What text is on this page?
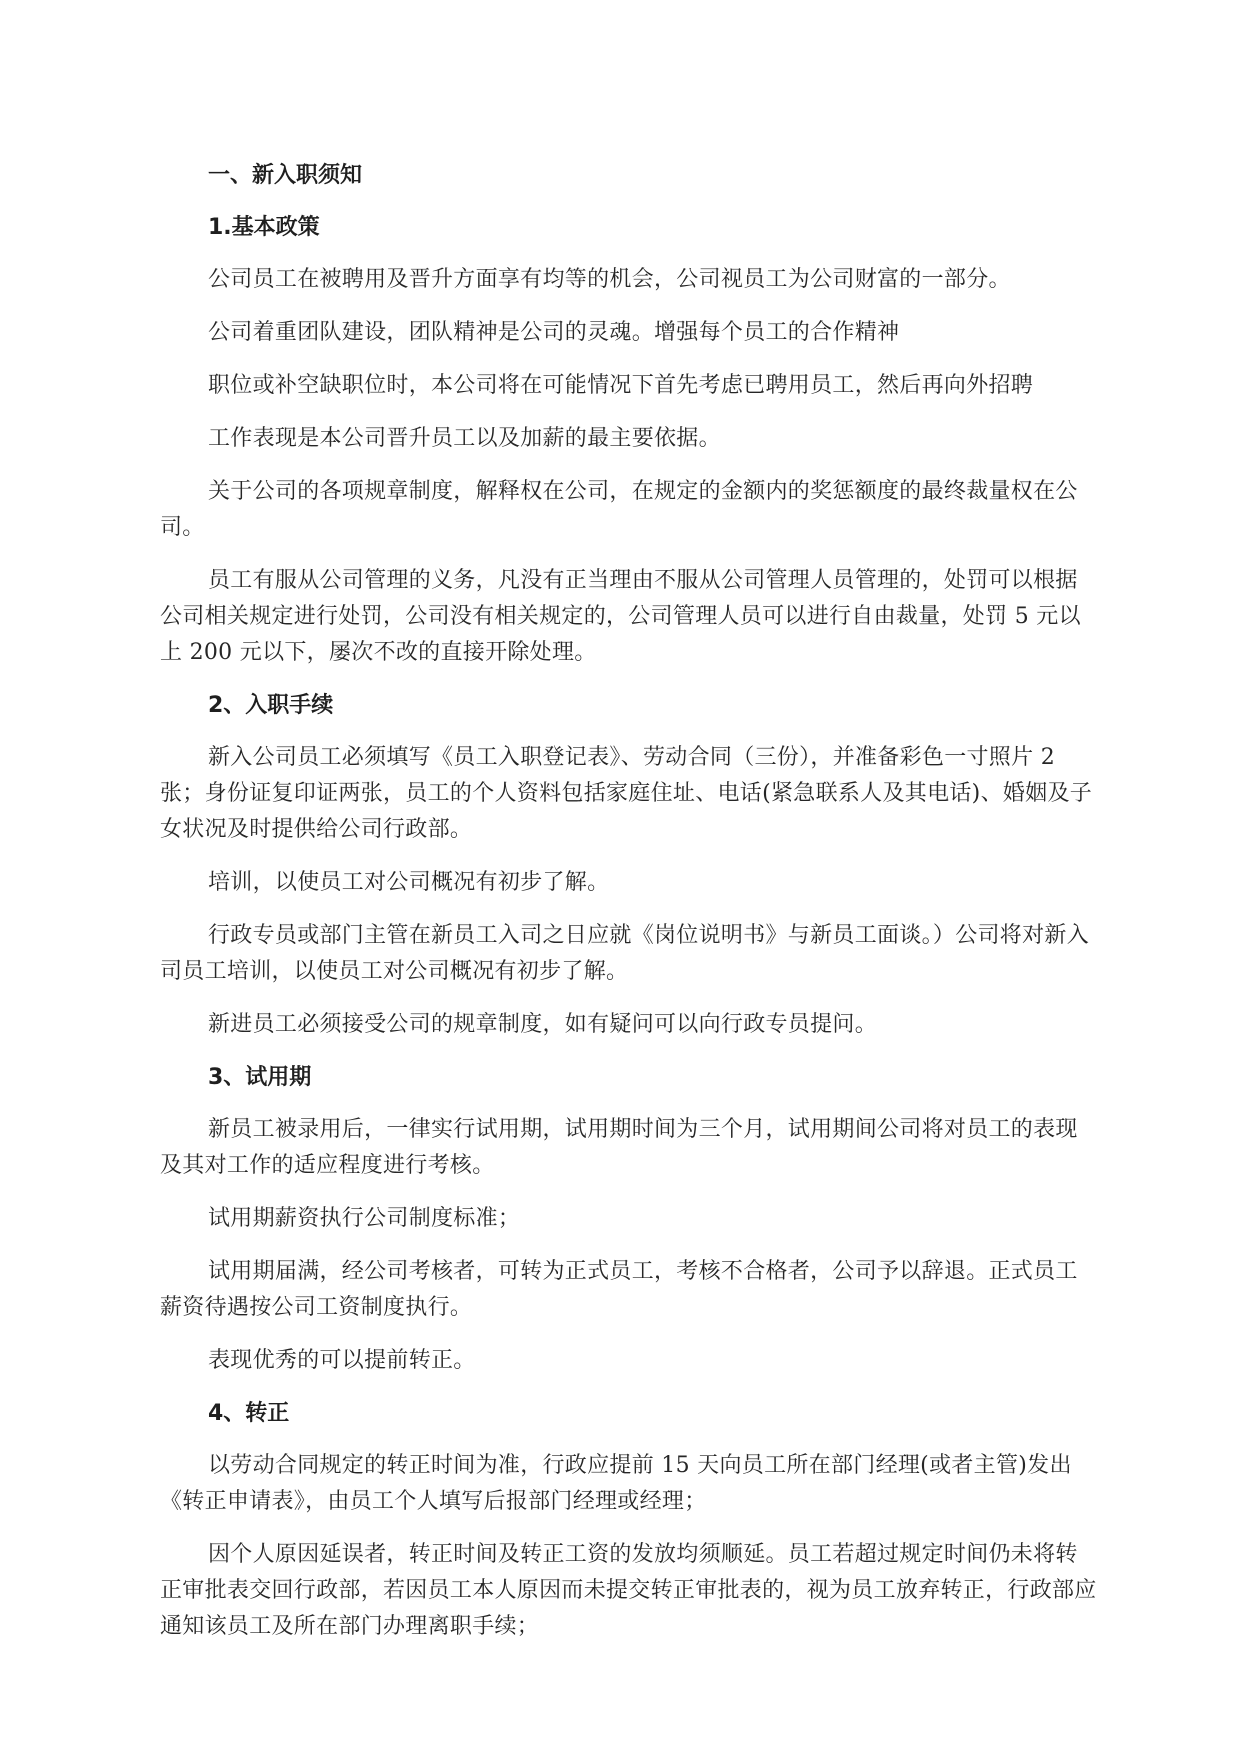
一、新入职须知
1.基本政策

公司员工在被聘用及晋升方面享有均等的机会，公司视员工为公司财富的一部分。

公司着重团队建设，团队精神是公司的灵魂。增强每个员工的合作精神

职位或补空缺职位时，本公司将在可能情况下首先考虑已聘用员工，然后再向外招聘

工作表现是本公司晋升员工以及加薪的最主要依据。

关于公司的各项规章制度，解释权在公司，在规定的金额内的奖惩额度的最终裁量权在公司。

员工有服从公司管理的义务，凡没有正当理由不服从公司管理人员管理的，处罚可以根据公司相关规定进行处罚，公司没有相关规定的，公司管理人员可以进行自由裁量，处罚 5 元以上 200 元以下，屡次不改的直接开除处理。

2、入职手续

新入公司员工必须填写《员工入职登记表》、劳动合同（三份），并准备彩色一寸照片 2 张；身份证复印证两张，员工的个人资料包括家庭住址、电话(紧急联系人及其电话)、婚姻及子女状况及时提供给公司行政部。

培训，以使员工对公司概况有初步了解。

行政专员或部门主管在新员工入司之日应就《岗位说明书》与新员工面谈。）公司将对新入司员工培训，以使员工对公司概况有初步了解。

新进员工必须接受公司的规章制度，如有疑问可以向行政专员提问。

3、试用期

新员工被录用后，一律实行试用期，试用期时间为三个月，试用期间公司将对员工的表现及其对工作的适应程度进行考核。

试用期薪资执行公司制度标准；

试用期届满，经公司考核者，可转为正式员工，考核不合格者，公司予以辞退。正式员工薪资待遇按公司工资制度执行。

表现优秀的可以提前转正。

4、转正

以劳动合同规定的转正时间为准，行政应提前 15 天向员工所在部门经理(或者主管)发出《转正申请表》，由员工个人填写后报部门经理或经理；

因个人原因延误者，转正时间及转正工资的发放均须顺延。员工若超过规定时间仍未将转正审批表交回行政部，若因员工本人原因而未提交转正审批表的，视为员工放弃转正，行政部应通知该员工及所在部门办理离职手续；
